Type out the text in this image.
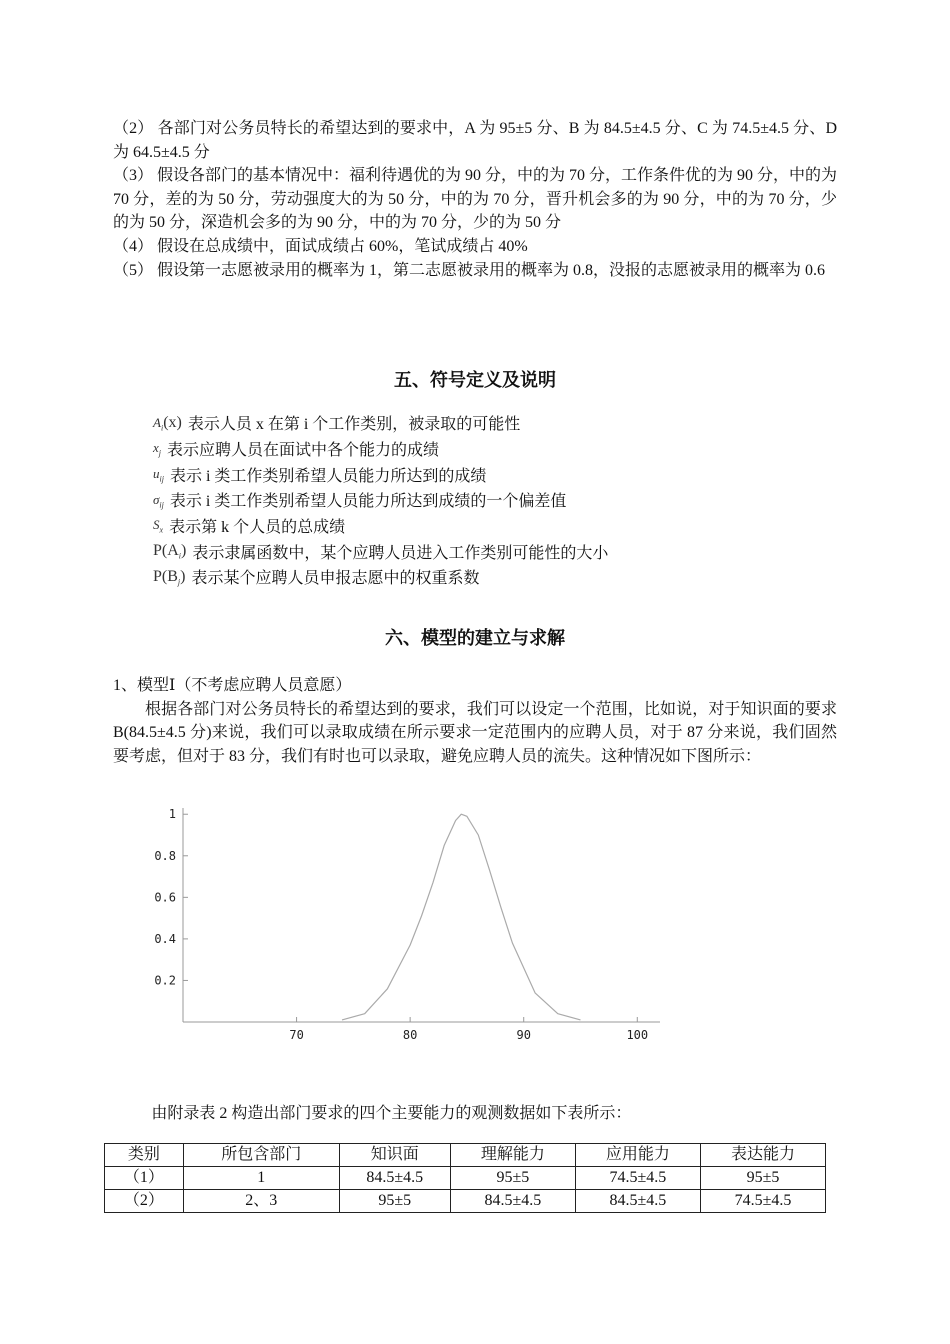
（2） 各部门对公务员特长的希望达到的要求中，A 为 95±5 分、B 为 84.5±4.5 分、C 为 74.5±4.5 分、D 为 64.5±4.5 分

（3） 假设各部门的基本情况中：福利待遇优的为 90 分，中的为 70 分，工作条件优的为 90 分，中的为 70 分，差的为 50 分，劳动强度大的为 50 分，中的为 70 分，晋升机会多的为 90 分，中的为 70 分，少的为 50 分，深造机会多的为 90 分，中的为 70 分，少的为 50 分

（4） 假设在总成绩中，面试成绩占 60%，笔试成绩占 40%

（5） 假设第一志愿被录用的概率为 1，第二志愿被录用的概率为 0.8，没报的志愿被录用的概率为 0.6

五、符号定义及说明
$A_i(x)$ 表示人员 x 在第 i 个工作类别，被录取的可能性
$x_j$ 表示应聘人员在面试中各个能力的成绩
$u_{ij}$ 表示 i 类工作类别希望人员能力所达到的成绩
$\sigma_{ij}$ 表示 i 类工作类别希望人员能力所达到成绩的一个偏差值
$S_x$ 表示第 k 个人员的总成绩
$P(A_i)$ 表示隶属函数中，某个应聘人员进入工作类别可能性的大小
$P(B_j)$ 表示某个应聘人员申报志愿中的权重系数
六、模型的建立与求解

1、模型Ⅰ（不考虑应聘人员意愿）

根据各部门对公务员特长的希望达到的要求，我们可以设定一个范围，比如说，对于知识面的要求 B(84.5±4.5 分)来说，我们可以录取成绩在所示要求一定范围内的应聘人员，对于 87 分来说，我们固然要考虑，但对于 83 分，我们有时也可以录取，避免应聘人员的流失。这种情况如下图所示：

0.2
0.4
0.6
0.8
1
70	80	90	100
由附录表 2 构造出部门要求的四个主要能力的观测数据如下表所示：
类别	所包含部门	知识面	理解能力	应用能力	表达能力
（1）	1	84.5±4.5	95±5	74.5±4.5	95±5
（2）	2、3	95±5	84.5±4.5	84.5±4.5	74.5±4.5
